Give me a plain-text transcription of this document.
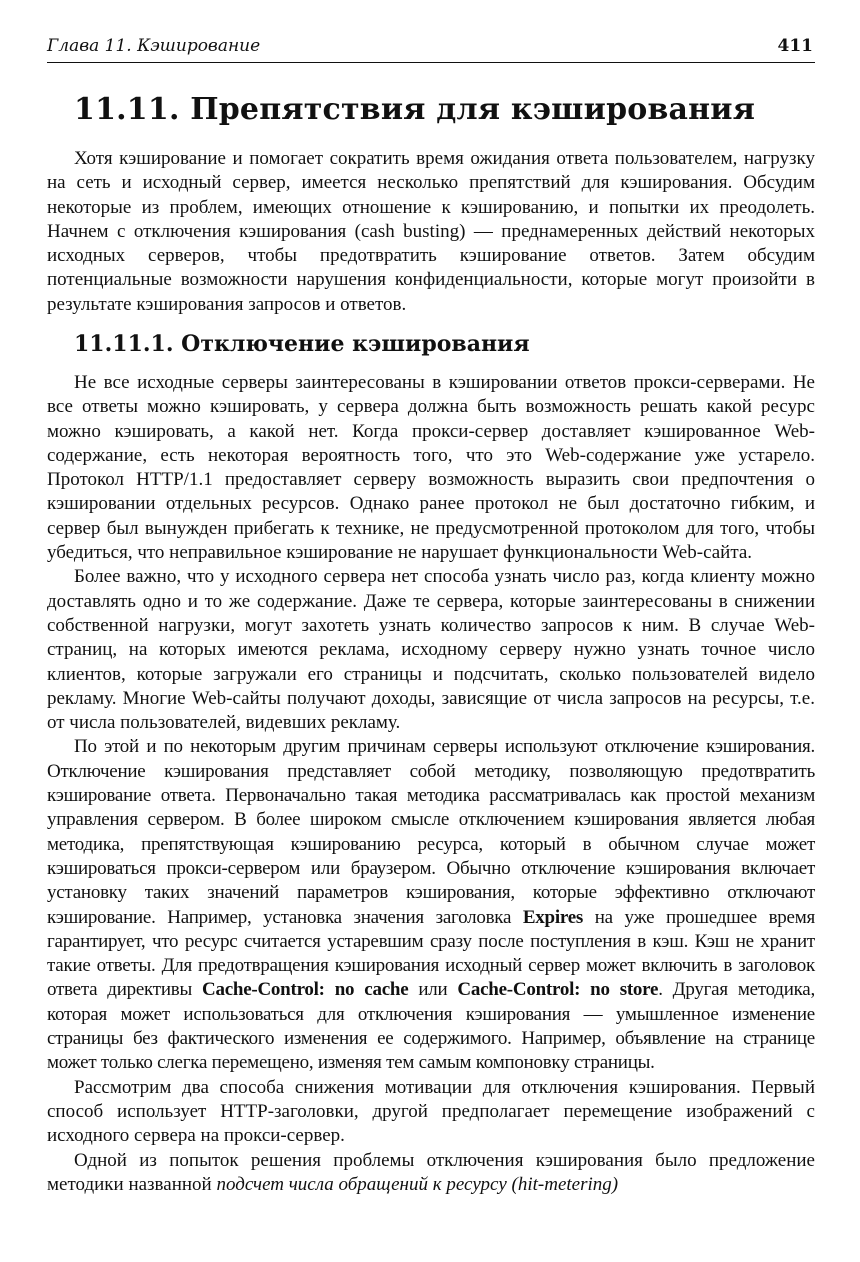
Глава 11. Кэширование	411
11.11. Препятствия для кэширования

Хотя кэширование и помогает сократить время ожидания ответа пользователем, нагрузку на сеть и исходный сервер, имеется несколько препятствий для кэширования. Обсудим некоторые из проблем, имеющих отношение к кэшированию, и попытки их преодолеть. Начнем с отключения кэширования (cash busting) — преднамеренных действий некоторых исходных серверов, чтобы предотвратить кэширование ответов. Затем обсудим потенциальные возможности нарушения конфиденциальности, которые могут произойти в результате кэширования запросов и ответов.

11.11.1. Отключение кэширования

Не все исходные серверы заинтересованы в кэшировании ответов прокси-серверами. Не все ответы можно кэшировать, у сервера должна быть возможность решать какой ресурс можно кэшировать, а какой нет. Когда прокси-сервер доставляет кэшированное Web-содержание, есть некоторая вероятность того, что это Web-содержание уже устарело. Протокол HTTP/1.1 предоставляет серверу возможность выразить свои предпочтения о кэшировании отдельных ресурсов. Однако ранее протокол не был достаточно гибким, и сервер был вынужден прибегать к технике, не предусмотренной протоколом для того, чтобы убедиться, что неправильное кэширование не нарушает функциональности Web-сайта.

Более важно, что у исходного сервера нет способа узнать число раз, когда клиенту можно доставлять одно и то же содержание. Даже те сервера, которые заинтересованы в снижении собственной нагрузки, могут захотеть узнать количество запросов к ним. В случае Web-страниц, на которых имеются реклама, исходному серверу нужно узнать точное число клиентов, которые загружали его страницы и подсчитать, сколько пользователей видело рекламу. Многие Web-сайты получают доходы, зависящие от числа запросов на ресурсы, т.е. от числа пользователей, видевших рекламу.

По этой и по некоторым другим причинам серверы используют отключение кэширования. Отключение кэширования представляет собой методику, позволяющую предотвратить кэширование ответа. Первоначально такая методика рассматривалась как простой механизм управления сервером. В более широком смысле отключением кэширования является любая методика, препятствующая кэшированию ресурса, который в обычном случае может кэшироваться прокси-сервером или браузером. Обычно отключение кэширования включает установку таких значений параметров кэширования, которые эффективно отключают кэширование. Например, установка значения заголовка Expires на уже прошедшее время гарантирует, что ресурс считается устаревшим сразу после поступления в кэш. Кэш не хранит такие ответы. Для предотвращения кэширования исходный сервер может включить в заголовок ответа директивы Cache-Control: no cache или Cache-Control: no store. Другая методика, которая может использоваться для отключения кэширования — умышленное изменение страницы без фактического изменения ее содержимого. Например, объявление на странице может только слегка перемещено, изменяя тем самым компоновку страницы.

Рассмотрим два способа снижения мотивации для отключения кэширования. Первый способ использует HTTP-заголовки, другой предполагает перемещение изображений с исходного сервера на прокси-сервер.

Одной из попыток решения проблемы отключения кэширования было предложение методики названной подсчет числа обращений к ресурсу (hit-metering)
